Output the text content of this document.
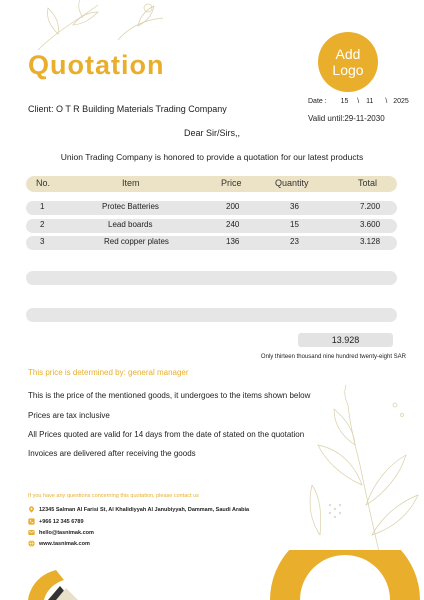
Quotation	Add
Logo
Client: O T R Building Materials Trading Company
Date : 15 \ 11 \ 2025
Valid until:29-11-2030
Dear Sir/Sirs,,
Union Trading Company is honored to provide a quotation for our latest products
No.	Item	Price	Quantity	Total
1	Protec Batteries	200	36	7.200
2	Lead boards	240	15	3.600
3	Red copper plates	136	23	3.128
13.928
Only thirteen thousand nine hundred twenty-eight SAR
This price is determined by: general manager
This is the price of the mentioned goods, it undergoes to the items shown below
Prices are tax inclusive
All Prices quoted are valid for 14 days from the date of stated on the quotation
Invoices are delivered after receiving the goods
If you have any questions concerning this quotation, please contact us
12345 Salman Al Farisi St, Al Khalidiyyah Al Janubiyyah, Dammam, Saudi Arabia
+966 12 345 6789
hello@tasnimak.com
www.tasnimak.com
